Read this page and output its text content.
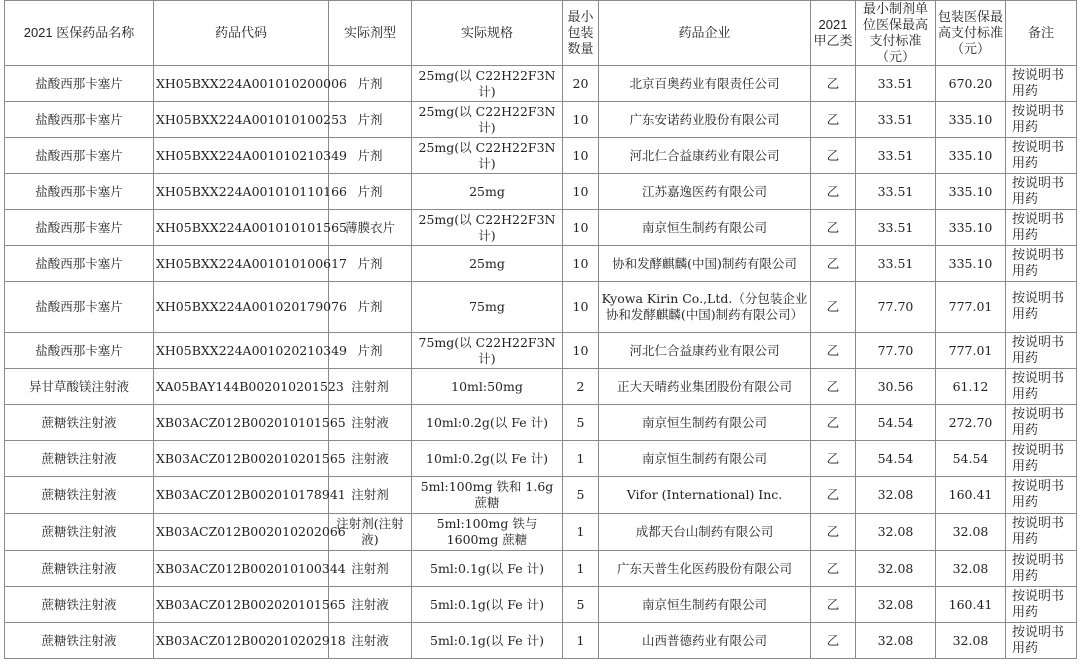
2021 医保药品名称	药品代码	实际剂型	实际规格	最小包装数量	药品企业	2021甲乙类	最小制剂单位医保最高支付标准（元）	包装医保最高支付标准（元）	备注
盐酸西那卡塞片	XH05BXX224A001010200006	片剂	25mg(以 C22H22F3N 计)	20	北京百奥药业有限责任公司	乙	33.51	670.20	按说明书用药
盐酸西那卡塞片	XH05BXX224A001010100253	片剂	25mg(以 C22H22F3N 计)	10	广东安诺药业股份有限公司	乙	33.51	335.10	按说明书用药
盐酸西那卡塞片	XH05BXX224A001010210349	片剂	25mg(以 C22H22F3N 计)	10	河北仁合益康药业有限公司	乙	33.51	335.10	按说明书用药
盐酸西那卡塞片	XH05BXX224A001010110166	片剂	25mg	10	江苏嘉逸医药有限公司	乙	33.51	335.10	按说明书用药
盐酸西那卡塞片	XH05BXX224A001010101565	薄膜衣片	25mg(以 C22H22F3N 计)	10	南京恒生制药有限公司	乙	33.51	335.10	按说明书用药
盐酸西那卡塞片	XH05BXX224A001010100617	片剂	25mg	10	协和发酵麒麟(中国)制药有限公司	乙	33.51	335.10	按说明书用药
盐酸西那卡塞片	XH05BXX224A001020179076	片剂	75mg	10	Kyowa Kirin Co.,Ltd.（分包装企业协和发酵麒麟(中国)制药有限公司）	乙	77.70	777.01	按说明书用药
盐酸西那卡塞片	XH05BXX224A001020210349	片剂	75mg(以 C22H22F3N 计)	10	河北仁合益康药业有限公司	乙	77.70	777.01	按说明书用药
异甘草酸镁注射液	XA05BAY144B002010201523	注射剂	10ml:50mg	2	正大天晴药业集团股份有限公司	乙	30.56	61.12	按说明书用药
蔗糖铁注射液	XB03ACZ012B002010101565	注射液	10ml:0.2g(以 Fe 计)	5	南京恒生制药有限公司	乙	54.54	272.70	按说明书用药
蔗糖铁注射液	XB03ACZ012B002010201565	注射液	10ml:0.2g(以 Fe 计)	1	南京恒生制药有限公司	乙	54.54	54.54	按说明书用药
蔗糖铁注射液	XB03ACZ012B002010178941	注射剂	5ml:100mg 铁和 1.6g 蔗糖	5	Vifor (International) Inc.	乙	32.08	160.41	按说明书用药
蔗糖铁注射液	XB03ACZ012B002010202066	注射剂(注射液)	5ml:100mg 铁与 1600mg 蔗糖	1	成都天台山制药有限公司	乙	32.08	32.08	按说明书用药
蔗糖铁注射液	XB03ACZ012B002010100344	注射剂	5ml:0.1g(以 Fe 计)	1	广东天普生化医药股份有限公司	乙	32.08	32.08	按说明书用药
蔗糖铁注射液	XB03ACZ012B002020101565	注射液	5ml:0.1g(以 Fe 计)	5	南京恒生制药有限公司	乙	32.08	160.41	按说明书用药
蔗糖铁注射液	XB03ACZ012B002010202918	注射液	5ml:0.1g(以 Fe 计)	1	山西普德药业有限公司	乙	32.08	32.08	按说明书用药
